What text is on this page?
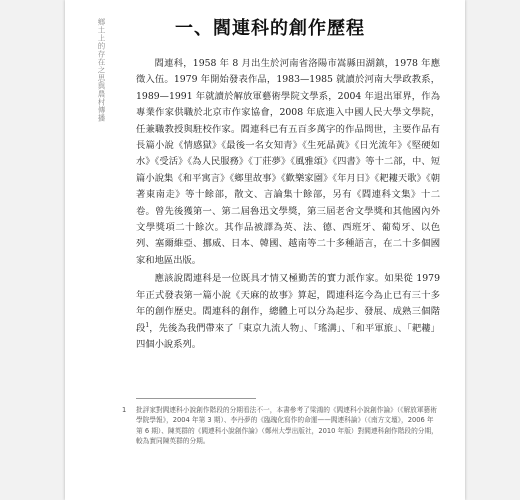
鄉土上的存在之思與農村傳播	一、閻連科的創作歷程

閻連科，1958 年 8 月出生於河南省洛陽市嵩縣田湖鎮，1978 年應徵入伍。1979 年開始發表作品，1983—1985 就讀於河南大學政教系，1989—1991 年就讀於解放軍藝術學院文學系，2004 年退出軍界，作為專業作家供職於北京市作家協會，2008 年底進入中國人民大學文學院，任兼職教授與駐校作家。閻連科已有五百多萬字的作品問世，主要作品有長篇小說《情感獄》《最後一名女知青》《生死晶黃》《日光流年》《堅硬如水》《受活》《為人民服務》《丁莊夢》《風雅頌》《四書》等十二部，中、短篇小說集《和平寓言》《鄉里故事》《歡樂家園》《年月日》《耙耬天歌》《朝著東南走》等十餘部，散文、言論集十餘部，另有《閻連科文集》十二卷。曾先後獲第一、第二屆魯迅文學獎，第三屆老舍文學獎和其他國內外文學獎項二十餘次。其作品被譯為英、法、德、西班牙、葡萄牙、以色列、塞爾維亞、挪威、日本、韓國、越南等二十多種語言，在二十多個國家和地區出版。

應該說閻連科是一位既具才情又極勤苦的實力派作家。如果從 1979 年正式發表第一篇小說《天麻的故事》算起，閻連科迄今為止已有三十多年的創作歷史。閻連科的創作，總體上可以分為起步、發展、成熟三個階段$^1$，先後為我們帶來了「東京九流人物」、「瑤溝」、「和平軍旅」、「耙耬」四個小說系列。

1 批評家對閻連科小說創作階段的分期看法不一，本書參考了梁鴻的《閻連科小說創作論》（《解放軍藝術學院學報》，2004 年第 3 期）、李丹夢的《臨瑰化寫作的命運——閻連科論》（《南方文壇》，2006 年第 6 期）、陳英群的《閻連科小說創作論》（鄭州大學出版社，2010 年版）對閻連科創作階段的分期，較為實同陳英群的分期。
